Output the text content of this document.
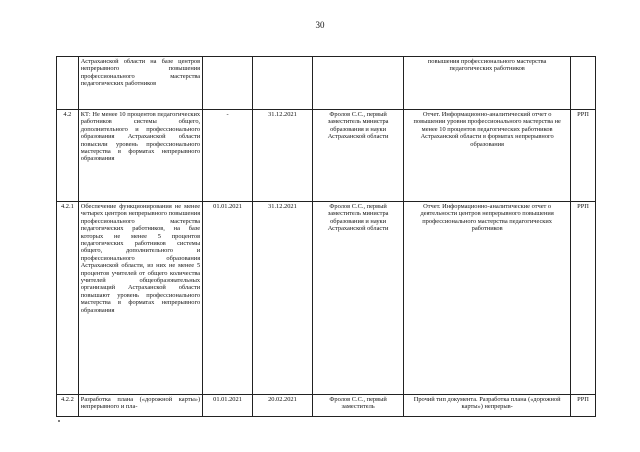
30
	Астраханской области на базе центров непрерывного повышения профессионального мастерства педагогических работников				повышения профессионального мастерства педагогических работников	
4.2	КТ: Не менее 10 процентов педагогических работников системы общего, дополнительного и профессионального образования Астраханской области повысили уровень профессионального мастерства в форматах непрерывного образования	-	31.12.2021	Фролов С.С., первый заместитель министра образования и науки Астраханской области	Отчет. Информационно-аналитический отчет о повышении уровня профессионального мастерства не менее 10 процентов педагогических работников Астраханской области в форматах непрерывного образования	РРП
4.2.1	Обеспечение функционирования не менее четырех центров непрерывного повышения профессионального мастерства педагогических работников, на базе которых не менее 5 процентов педагогических работников системы общего, дополнительного и профессионального образования Астраханской области, из них не менее 5 процентов учителей от общего количества учителей общеобразовательных организаций Астраханской области повышают уровень профессионального мастерства в форматах непрерывного образования	01.01.2021	31.12.2021	Фролов С.С., первый заместитель министра образования и науки Астраханской области	Отчет. Информационно-аналитические отчет о деятельности центров непрерывного повышения профессионального мастерства педагогических работников	РРП
4.2.2	Разработка плана («дорожной карты») непрерывного и пла-	01.01.2021	20.02.2021	Фролов С.С., первый заместитель	Прочий тип документа. Разработка плана («дорожной карты») непрерыв-	РРП
